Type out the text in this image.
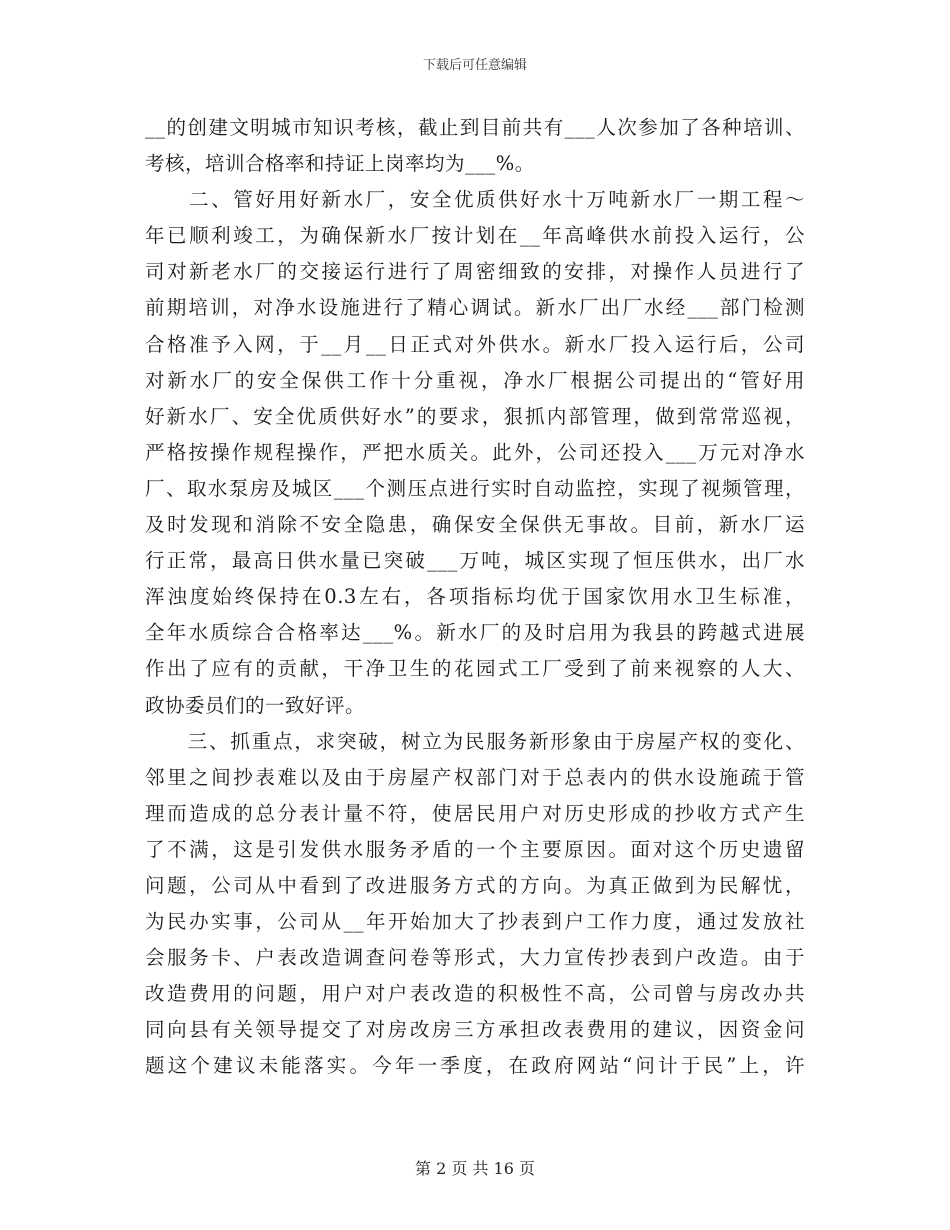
下载后可任意编辑
__的创建文明城市知识考核，截止到目前共有___人次参加了各种培训、
考核，培训合格率和持证上岗率均为___%。
　　二、管好用好新水厂，安全优质供好水十万吨新水厂一期工程～
年已顺利竣工，为确保新水厂按计划在__年高峰供水前投入运行，公
司对新老水厂的交接运行进行了周密细致的安排，对操作人员进行了
前期培训，对净水设施进行了精心调试。新水厂出厂水经___部门检测
合格准予入网，于__月__日正式对外供水。新水厂投入运行后，公司
对新水厂的安全保供工作十分重视，净水厂根据公司提出的“管好用
好新水厂、安全优质供好水”的要求，狠抓内部管理，做到常常巡视，
严格按操作规程操作，严把水质关。此外，公司还投入___万元对净水
厂、取水泵房及城区___个测压点进行实时自动监控，实现了视频管理，
及时发现和消除不安全隐患，确保安全保供无事故。目前，新水厂运
行正常，最高日供水量已突破___万吨，城区实现了恒压供水，出厂水
浑浊度始终保持在0.3左右，各项指标均优于国家饮用水卫生标准，
全年水质综合合格率达___%。新水厂的及时启用为我县的跨越式进展
作出了应有的贡献，干净卫生的花园式工厂受到了前来视察的人大、
政协委员们的一致好评。
　　三、抓重点，求突破，树立为民服务新形象由于房屋产权的变化、
邻里之间抄表难以及由于房屋产权部门对于总表内的供水设施疏于管
理而造成的总分表计量不符，使居民用户对历史形成的抄收方式产生
了不满，这是引发供水服务矛盾的一个主要原因。面对这个历史遗留
问题，公司从中看到了改进服务方式的方向。为真正做到为民解忧，
为民办实事，公司从__年开始加大了抄表到户工作力度，通过发放社
会服务卡、户表改造调查问卷等形式，大力宣传抄表到户改造。由于
改造费用的问题，用户对户表改造的积极性不高，公司曾与房改办共
同向县有关领导提交了对房改房三方承担改表费用的建议，因资金问
题这个建议未能落实。今年一季度，在政府网站“问计于民”上，许
第 2 页 共 16 页
